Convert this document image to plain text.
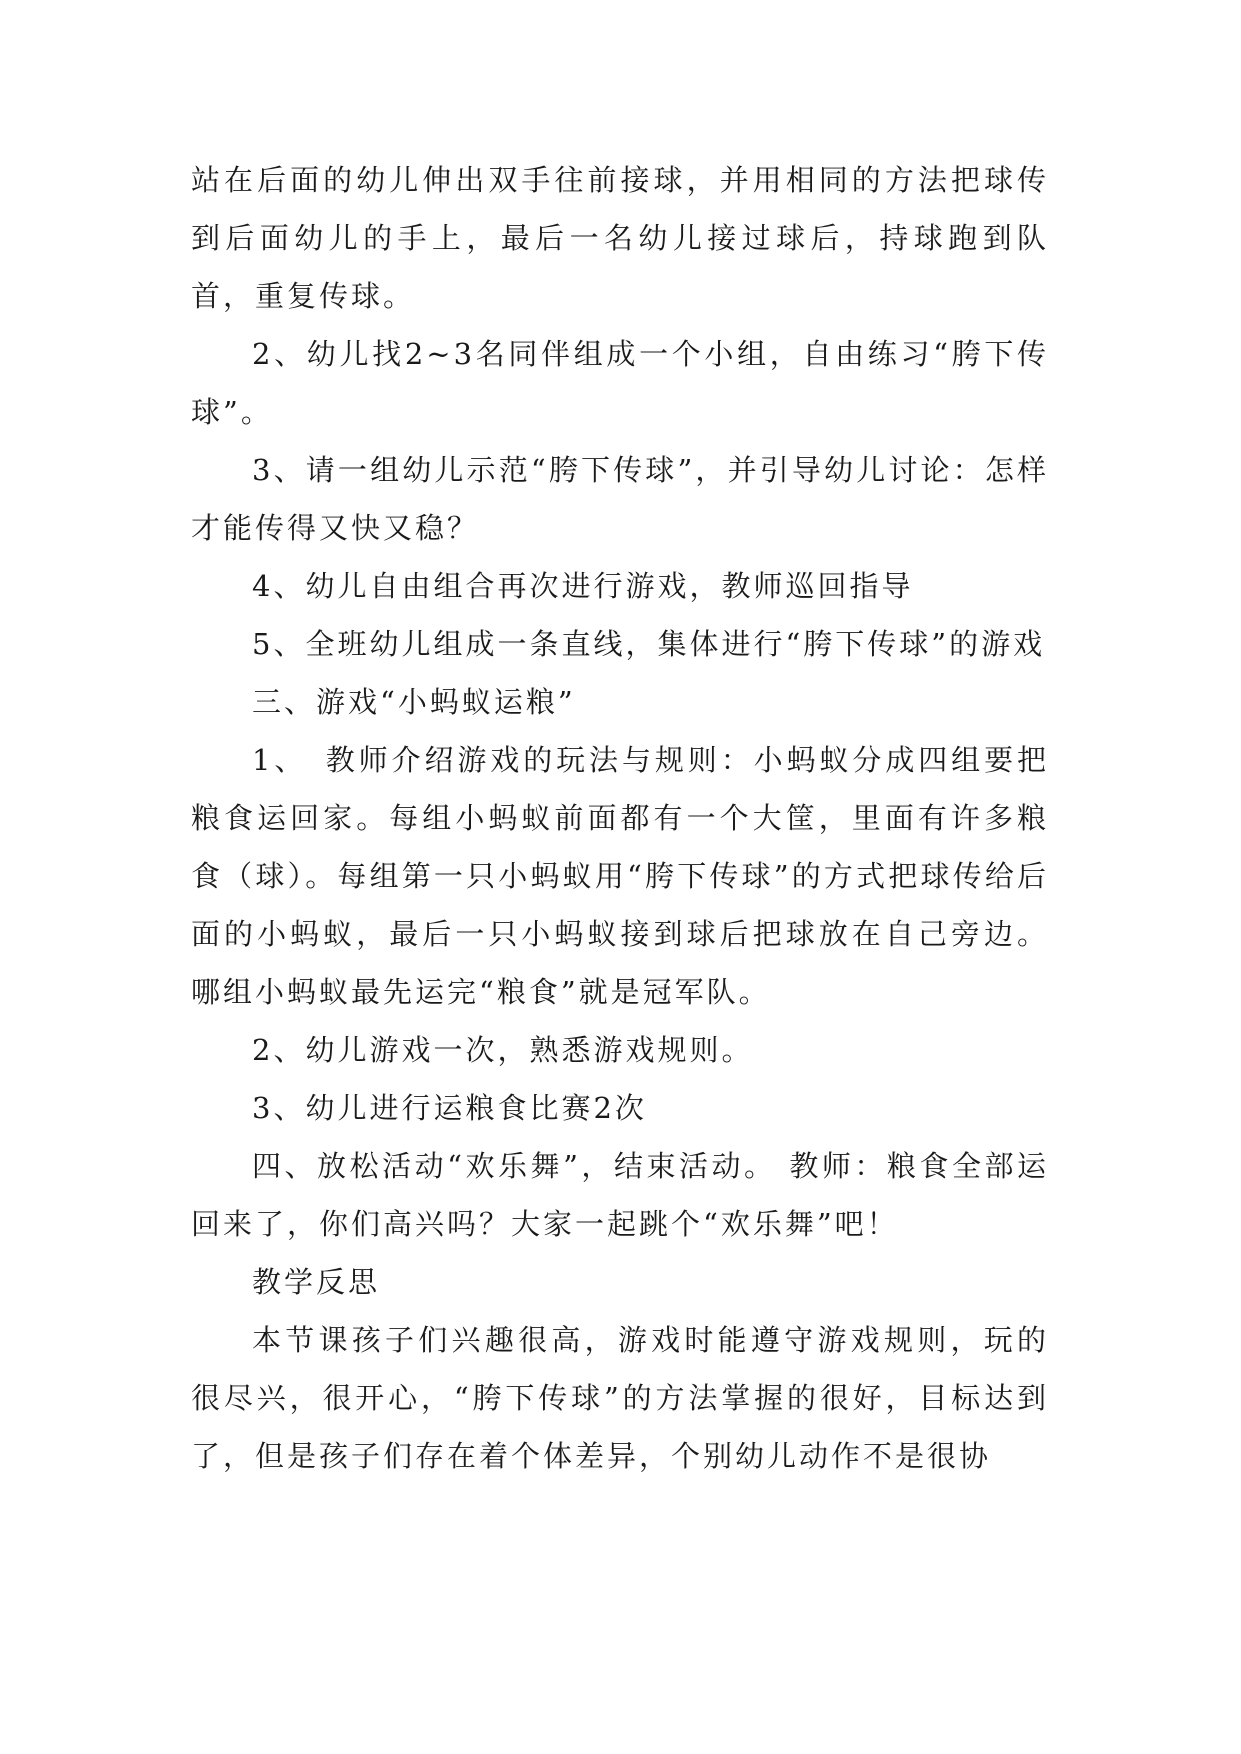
站在后面的幼儿伸出双手往前接球，并用相同的方法把球传到后面幼儿的手上，最后一名幼儿接过球后，持球跑到队首，重复传球。

2、幼儿找2~3名同伴组成一个小组，自由练习“胯下传球”。

3、请一组幼儿示范“胯下传球”，并引导幼儿讨论：怎样才能传得又快又稳？

4、幼儿自由组合再次进行游戏，教师巡回指导

5、全班幼儿组成一条直线，集体进行“胯下传球”的游戏

三、游戏“小蚂蚁运粮”

1、　教师介绍游戏的玩法与规则：小蚂蚁分成四组要把粮食运回家。每组小蚂蚁前面都有一个大筐，里面有许多粮食（球）。每组第一只小蚂蚁用“胯下传球”的方式把球传给后面的小蚂蚁，最后一只小蚂蚁接到球后把球放在自己旁边。哪组小蚂蚁最先运完“粮食”就是冠军队。

2、幼儿游戏一次，熟悉游戏规则。

3、幼儿进行运粮食比赛2次

四、放松活动“欢乐舞”，结束活动。 教师：粮食全部运回来了，你们高兴吗？大家一起跳个“欢乐舞”吧！

教学反思

本节课孩子们兴趣很高，游戏时能遵守游戏规则，玩的很尽兴，很开心，“胯下传球”的方法掌握的很好，目标达到了，但是孩子们存在着个体差异，个别幼儿动作不是很协
